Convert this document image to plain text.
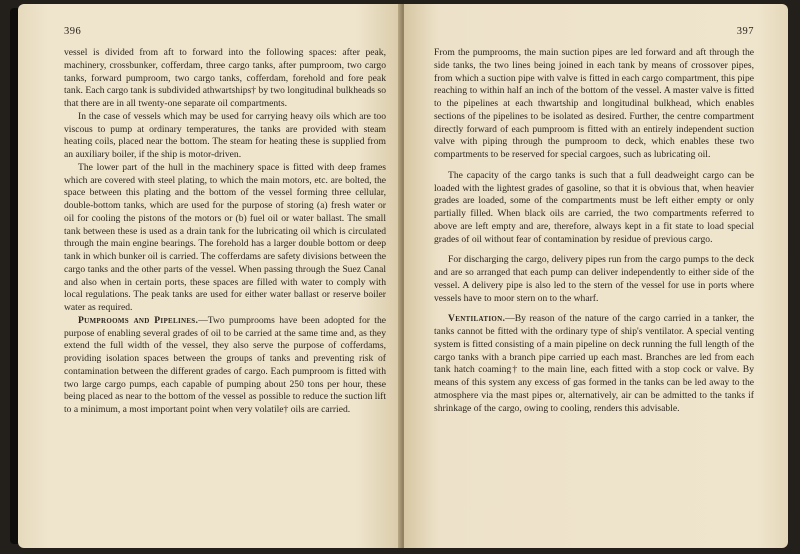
396

vessel is divided from aft to forward into the following spaces: after peak, machinery, crossbunker, cofferdam, three cargo tanks, after pumproom, two cargo tanks, forward pumproom, two cargo tanks, cofferdam, forehold and fore peak tank. Each cargo tank is subdivided athwartships† by two longitudinal bulkheads so that there are in all twenty-one separate oil compartments.

In the case of vessels which may be used for carrying heavy oils which are too viscous to pump at ordinary temperatures, the tanks are provided with steam heating coils, placed near the bottom. The steam for heating these is supplied from an auxiliary boiler, if the ship is motor-driven.

The lower part of the hull in the machinery space is fitted with deep frames which are covered with steel plating, to which the main motors, etc. are bolted, the space between this plating and the bottom of the vessel forming three cellular, double-bottom tanks, which are used for the purpose of storing (a) fresh water or oil for cooling the pistons of the motors or (b) fuel oil or water ballast. The small tank between these is used as a drain tank for the lubricating oil which is circulated through the main engine bearings. The forehold has a larger double bottom or deep tank in which bunker oil is carried. The cofferdams are safety divisions between the cargo tanks and the other parts of the vessel. When passing through the Suez Canal and also when in certain ports, these spaces are filled with water to comply with local regulations. The peak tanks are used for either water ballast or reserve boiler water as required.

Pumprooms and Pipelines.—Two pumprooms have been adopted for the purpose of enabling several grades of oil to be carried at the same time and, as they extend the full width of the vessel, they also serve the purpose of cofferdams, providing isolation spaces between the groups of tanks and preventing risk of contamination between the different grades of cargo. Each pumproom is fitted with two large cargo pumps, each capable of pumping about 250 tons per hour, these being placed as near to the bottom of the vessel as possible to reduce the suction lift to a minimum, a most important point when very volatile† oils are carried.

397

From the pumprooms, the main suction pipes are led forward and aft through the side tanks, the two lines being joined in each tank by means of crossover pipes, from which a suction pipe with valve is fitted in each cargo compartment, this pipe reaching to within half an inch of the bottom of the vessel. A master valve is fitted to the pipelines at each thwartship and longitudinal bulkhead, which enables sections of the pipelines to be isolated as desired. Further, the centre compartment directly forward of each pumproom is fitted with an entirely independent suction valve with piping through the pumproom to deck, which enables these two compartments to be reserved for special cargoes, such as lubricating oil.

The capacity of the cargo tanks is such that a full deadweight cargo can be loaded with the lightest grades of gasoline, so that it is obvious that, when heavier grades are loaded, some of the compartments must be left either empty or only partially filled. When black oils are carried, the two compartments referred to above are left empty and are, therefore, always kept in a fit state to load special grades of oil without fear of contamination by residue of previous cargo.

For discharging the cargo, delivery pipes run from the cargo pumps to the deck and are so arranged that each pump can deliver independently to either side of the vessel. A delivery pipe is also led to the stern of the vessel for use in ports where vessels have to moor stern on to the wharf.

Ventilation.—By reason of the nature of the cargo carried in a tanker, the tanks cannot be fitted with the ordinary type of ship's ventilator. A special venting system is fitted consisting of a main pipeline on deck running the full length of the cargo tanks with a branch pipe carried up each mast. Branches are led from each tank hatch coaming† to the main line, each fitted with a stop cock or valve. By means of this system any excess of gas formed in the tanks can be led away to the atmosphere via the mast pipes or, alternatively, air can be admitted to the tanks if shrinkage of the cargo, owing to cooling, renders this advisable.
